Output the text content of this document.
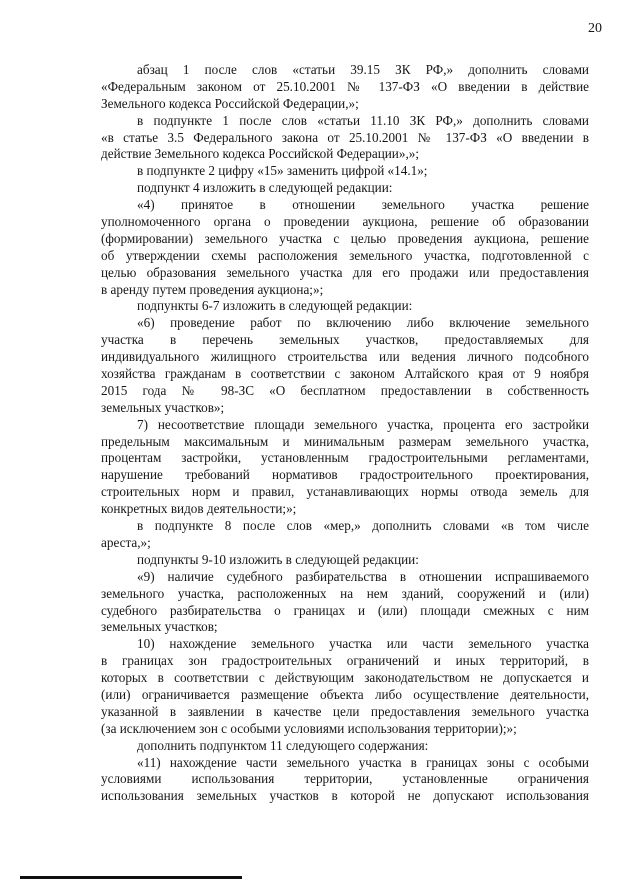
20
абзац 1 после слов «статьи 39.15 ЗК РФ,» дополнить словами
«Федеральным законом от 25.10.2001 № 137-ФЗ «О введении в действие
Земельного кодекса Российской Федерации,»;
в подпункте 1 после слов «статьи 11.10 ЗК РФ,» дополнить словами
«в статье 3.5 Федерального закона от 25.10.2001 № 137-ФЗ «О введении в
действие Земельного кодекса Российской Федерации»,»;
в подпункте 2 цифру «15» заменить цифрой «14.1»;
подпункт 4 изложить в следующей редакции:
«4) принятое в отношении земельного участка решение
уполномоченного органа о проведении аукциона, решение об образовании
(формировании) земельного участка с целью проведения аукциона, решение
об утверждении схемы расположения земельного участка, подготовленной с
целью образования земельного участка для его продажи или предоставления
в аренду путем проведения аукциона;»;
подпункты 6-7 изложить в следующей редакции:
«6) проведение работ по включению либо включение земельного
участка в перечень земельных участков, предоставляемых для
индивидуального жилищного строительства или ведения личного подсобного
хозяйства гражданам в соответствии с законом Алтайского края от 9 ноября
2015 года № 98-ЗС «О бесплатном предоставлении в собственность
земельных участков»;
7) несоответствие площади земельного участка, процента его застройки
предельным максимальным и минимальным размерам земельного участка,
процентам застройки, установленным градостроительными регламентами,
нарушение требований нормативов градостроительного проектирования,
строительных норм и правил, устанавливающих нормы отвода земель для
конкретных видов деятельности;»;
в подпункте 8 после слов «мер,» дополнить словами «в том числе
ареста,»;
подпункты 9-10 изложить в следующей редакции:
«9) наличие судебного разбирательства в отношении испрашиваемого
земельного участка, расположенных на нем зданий, сооружений и (или)
судебного разбирательства о границах и (или) площади смежных с ним
земельных участков;
10) нахождение земельного участка или части земельного участка
в границах зон градостроительных ограничений и иных территорий, в
которых в соответствии с действующим законодательством не допускается и
(или) ограничивается размещение объекта либо осуществление деятельности,
указанной в заявлении в качестве цели предоставления земельного участка
(за исключением зон с особыми условиями использования территории);»;
дополнить подпунктом 11 следующего содержания:
«11) нахождение части земельного участка в границах зоны с особыми
условиями использования территории, установленные ограничения
использования земельных участков в которой не допускают использования
